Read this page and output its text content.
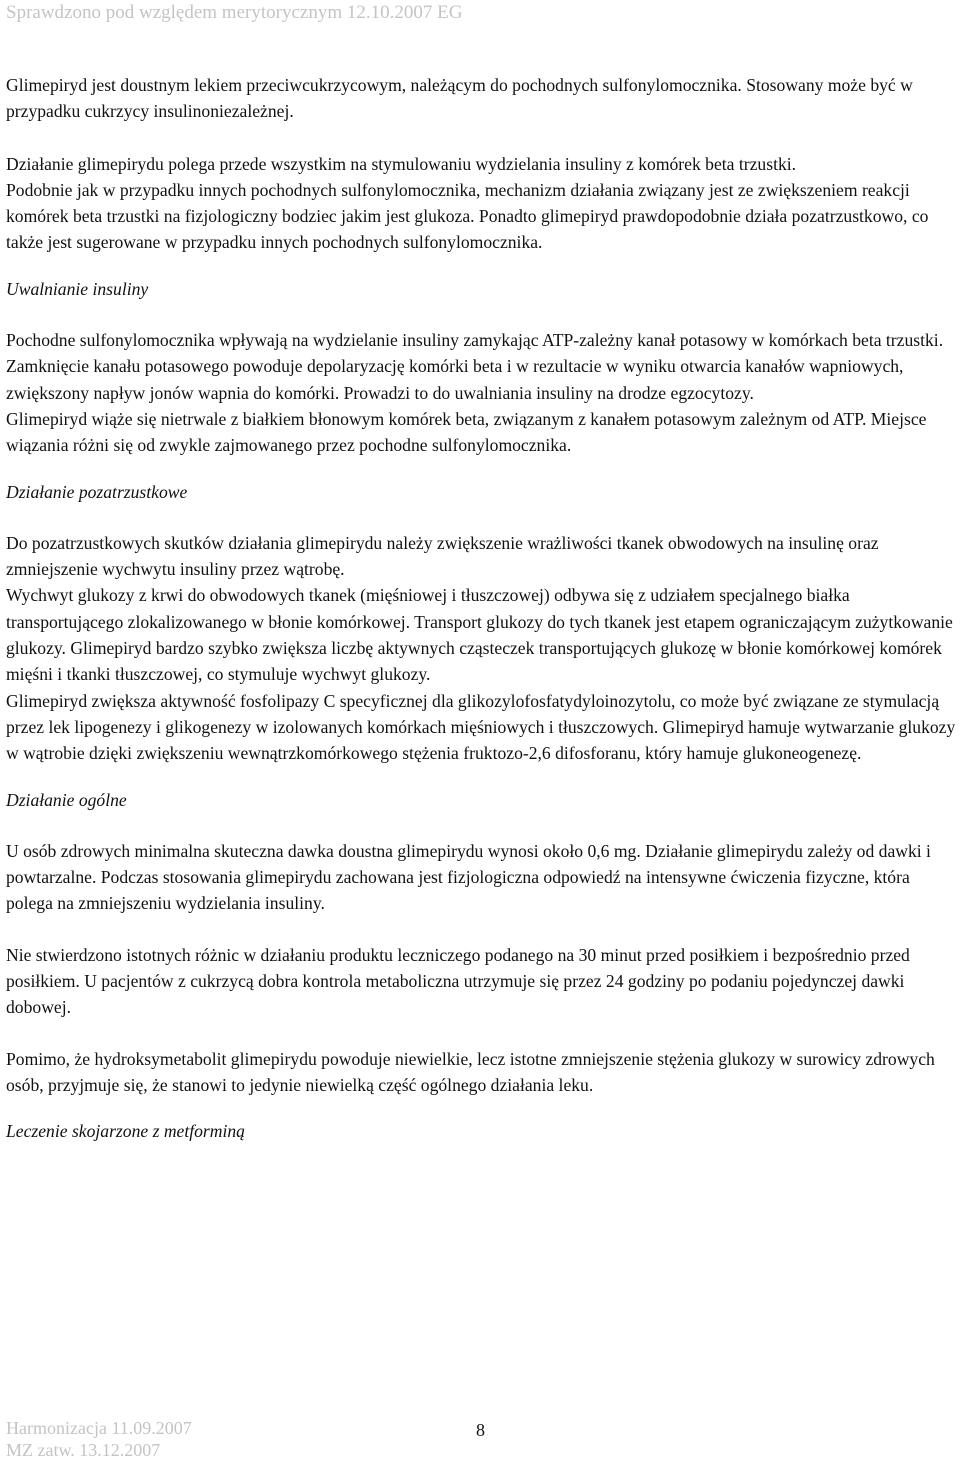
Sprawdzono pod względem merytorycznym 12.10.2007 EG

Glimepiryd jest doustnym lekiem przeciwcukrzycowym, należącym do pochodnych sulfonylomocznika. Stosowany może być w przypadku cukrzycy insulinoniezależnej.

Działanie glimepirydu polega przede wszystkim na stymulowaniu wydzielania insuliny z komórek beta trzustki.

Podobnie jak w przypadku innych pochodnych sulfonylomocznika, mechanizm działania związany jest ze zwiększeniem reakcji komórek beta trzustki na fizjologiczny bodziec jakim jest glukoza. Ponadto glimepiryd prawdopodobnie działa pozatrzustkowo, co także jest sugerowane w przypadku innych pochodnych sulfonylomocznika.

Uwalnianie insuliny

Pochodne sulfonylomocznika wpływają na wydzielanie insuliny zamykając ATP-zależny kanał potasowy w komórkach beta trzustki. Zamknięcie kanału potasowego powoduje depolaryzację komórki beta i w rezultacie w wyniku otwarcia kanałów wapniowych, zwiększony napływ jonów wapnia do komórki. Prowadzi to do uwalniania insuliny na drodze egzocytozy.

Glimepiryd wiąże się nietrwale z białkiem błonowym komórek beta, związanym z kanałem potasowym zależnym od ATP. Miejsce wiązania różni się od zwykle zajmowanego przez pochodne sulfonylomocznika.

Działanie pozatrzustkowe

Do pozatrzustkowych skutków działania glimepirydu należy zwiększenie wrażliwości tkanek obwodowych na insulinę oraz zmniejszenie wychwytu insuliny przez wątrobę.

Wychwyt glukozy z krwi do obwodowych tkanek (mięśniowej i tłuszczowej) odbywa się z udziałem specjalnego białka transportującego zlokalizowanego w błonie komórkowej. Transport glukozy do tych tkanek jest etapem ograniczającym zużytkowanie glukozy. Glimepiryd bardzo szybko zwiększa liczbę aktywnych cząsteczek transportujących glukozę w błonie komórkowej komórek mięśni i tkanki tłuszczowej, co stymuluje wychwyt glukozy.

Glimepiryd zwiększa aktywność fosfolipazy C specyficznej dla glikozylofosfatydyloinozytolu, co może być związane ze stymulacją przez lek lipogenezy i glikogenezy w izolowanych komórkach mięśniowych i tłuszczowych. Glimepiryd hamuje wytwarzanie glukozy w wątrobie dzięki zwiększeniu wewnątrzkomórkowego stężenia fruktozo-2,6 difosforanu, który hamuje glukoneogenezę.

Działanie ogólne

U osób zdrowych minimalna skuteczna dawka doustna glimepirydu wynosi około 0,6 mg. Działanie glimepirydu zależy od dawki i powtarzalne. Podczas stosowania glimepirydu zachowana jest fizjologiczna odpowiedź na intensywne ćwiczenia fizyczne, która polega na zmniejszeniu wydzielania insuliny.

Nie stwierdzono istotnych różnic w działaniu produktu leczniczego podanego na 30 minut przed posiłkiem i bezpośrednio przed posiłkiem. U pacjentów z cukrzycą dobra kontrola metaboliczna utrzymuje się przez 24 godziny po podaniu pojedynczej dawki dobowej.

Pomimo, że hydroksymetabolit glimepirydu powoduje niewielkie, lecz istotne zmniejszenie stężenia glukozy w surowicy zdrowych osób, przyjmuje się, że stanowi to jedynie niewielką część ogólnego działania leku.

Leczenie skojarzone z metforminą

Harmonizacja 11.09.2007
MZ zatw. 13.12.2007
8
